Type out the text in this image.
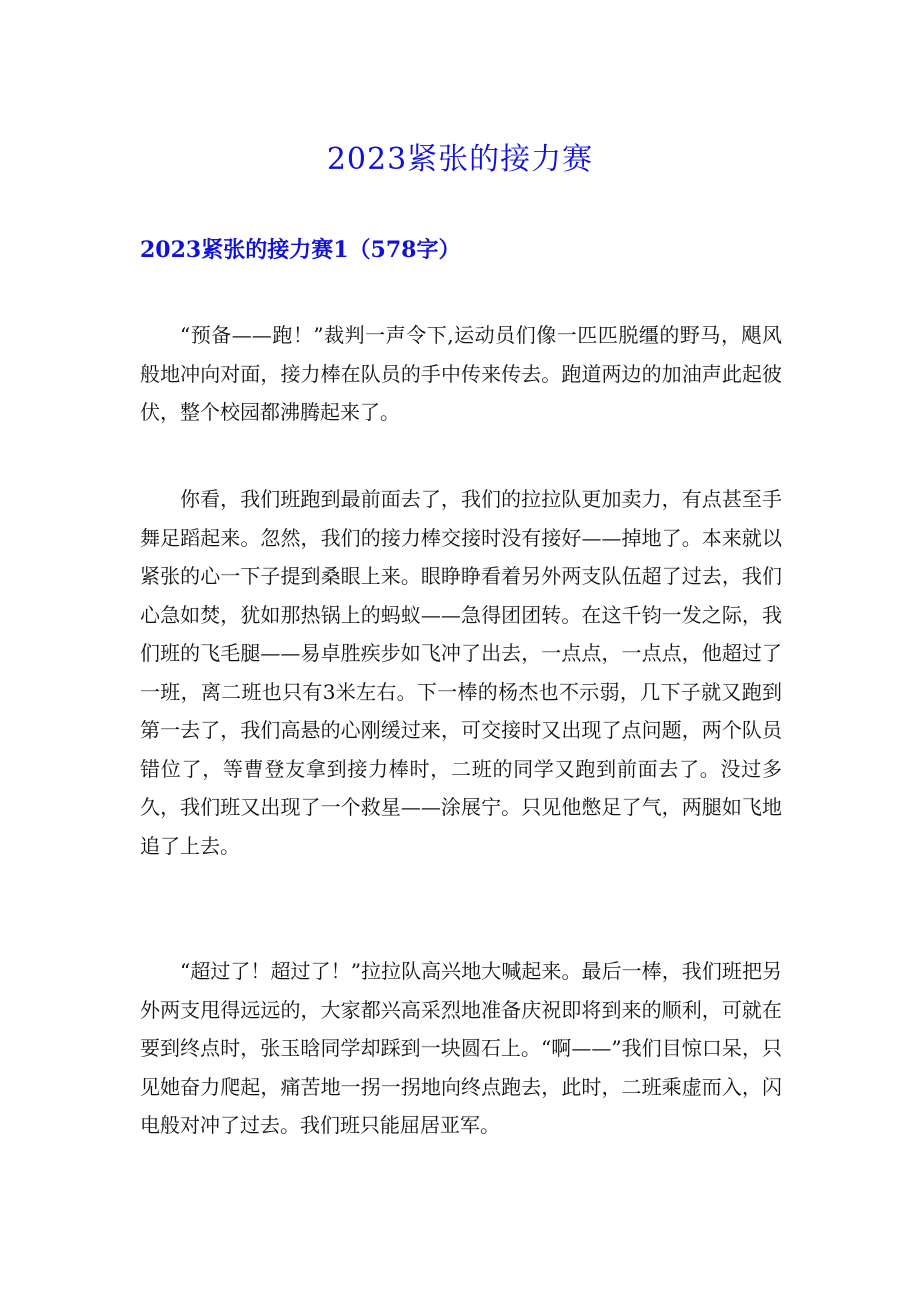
2023紧张的接力赛
2023紧张的接力赛1（578字）

“预备——跑！”裁判一声令下,运动员们像一匹匹脱缰的野马，飓风般地冲向对面，接力棒在队员的手中传来传去。跑道两边的加油声此起彼伏，整个校园都沸腾起来了。

你看，我们班跑到最前面去了，我们的拉拉队更加卖力，有点甚至手舞足蹈起来。忽然，我们的接力棒交接时没有接好——掉地了。本来就以紧张的心一下子提到桑眼上来。眼睁睁看着另外两支队伍超了过去，我们心急如焚，犹如那热锅上的蚂蚁——急得团团转。在这千钧一发之际，我们班的飞毛腿——易卓胜疾步如飞冲了出去，一点点，一点点，他超过了一班，离二班也只有3米左右。下一棒的杨杰也不示弱，几下子就又跑到第一去了，我们高悬的心刚缓过来，可交接时又出现了点问题，两个队员错位了，等曹登友拿到接力棒时，二班的同学又跑到前面去了。没过多久，我们班又出现了一个救星——涂展宁。只见他憋足了气，两腿如飞地追了上去。

“超过了！超过了！”拉拉队高兴地大喊起来。最后一棒，我们班把另外两支甩得远远的，大家都兴高采烈地准备庆祝即将到来的顺利，可就在要到终点时，张玉晗同学却踩到一块圆石上。“啊——”我们目惊口呆，只见她奋力爬起，痛苦地一拐一拐地向终点跑去，此时，二班乘虚而入，闪电般对冲了过去。我们班只能屈居亚军。
